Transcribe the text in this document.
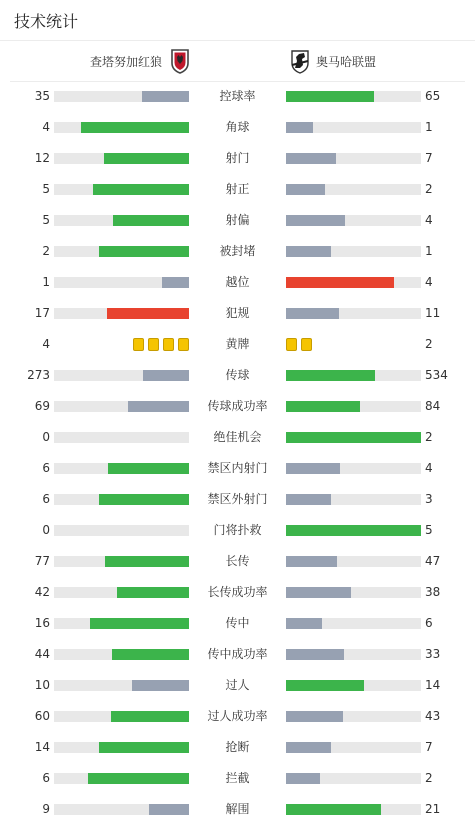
技术统计
查塔努加红狼	奥马哈联盟
35	控球率	65
4	角球	1
12	射门	7
5	射正	2
5	射偏	4
2	被封堵	1
1	越位	4
17	犯规	11
4	黄牌	2
273	传球	534
69	传球成功率	84
0	绝佳机会	2
6	禁区内射门	4
6	禁区外射门	3
0	门将扑救	5
77	长传	47
42	长传成功率	38
16	传中	6
44	传中成功率	33
10	过人	14
60	过人成功率	43
14	抢断	7
6	拦截	2
9	解围	21
